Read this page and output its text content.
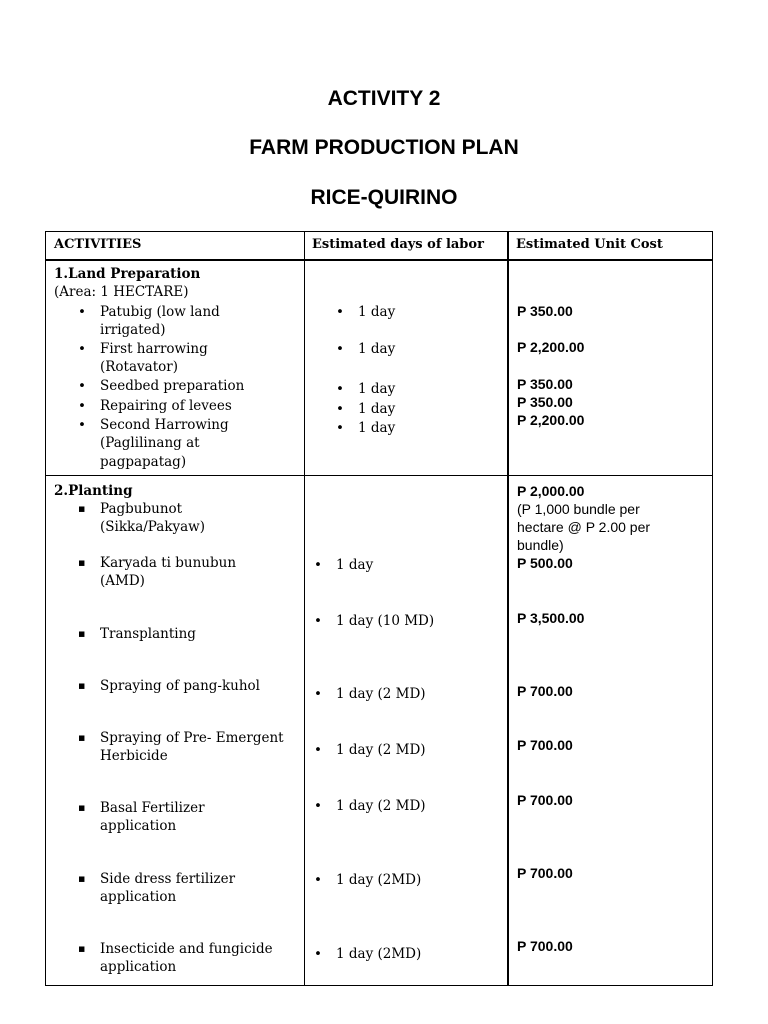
ACTIVITY 2
FARM PRODUCTION PLAN
RICE-QUIRINO
ACTIVITIES	Estimated days of labor Estimated Unit Cost
1.Land Preparation
(Area: 1 HECTARE)
• Patubig (low land
irrigated)
• First harrowing
(Rotavator)
• Seedbed preparation
• Repairing of levees
• Second Harrowing
(Paglilinang at
pagpapatag)
• 1 day
• 1 day
• 1 day
• 1 day
• 1 day
P 350.00
P 2,200.00
P 350.00
P 350.00
P 2,200.00
2.Planting
▪ Pagbubunot
(Sikka/Pakyaw)
▪ Karyada ti bunubun
(AMD)
▪ Transplanting
▪ Spraying of pang-kuhol
▪ Spraying of Pre- Emergent
Herbicide
▪ Basal Fertilizer
application
▪ Side dress fertilizer
application
▪ Insecticide and fungicide
application
• 1 day
• 1 day (10 MD)
• 1 day (2 MD)
• 1 day (2 MD)
• 1 day (2 MD)
• 1 day (2MD)
• 1 day (2MD)
P 2,000.00
(P 1,000 bundle per
hectare @ P 2.00 per
bundle)
P 500.00
P 3,500.00
P 700.00
P 700.00
P 700.00
P 700.00
P 700.00
